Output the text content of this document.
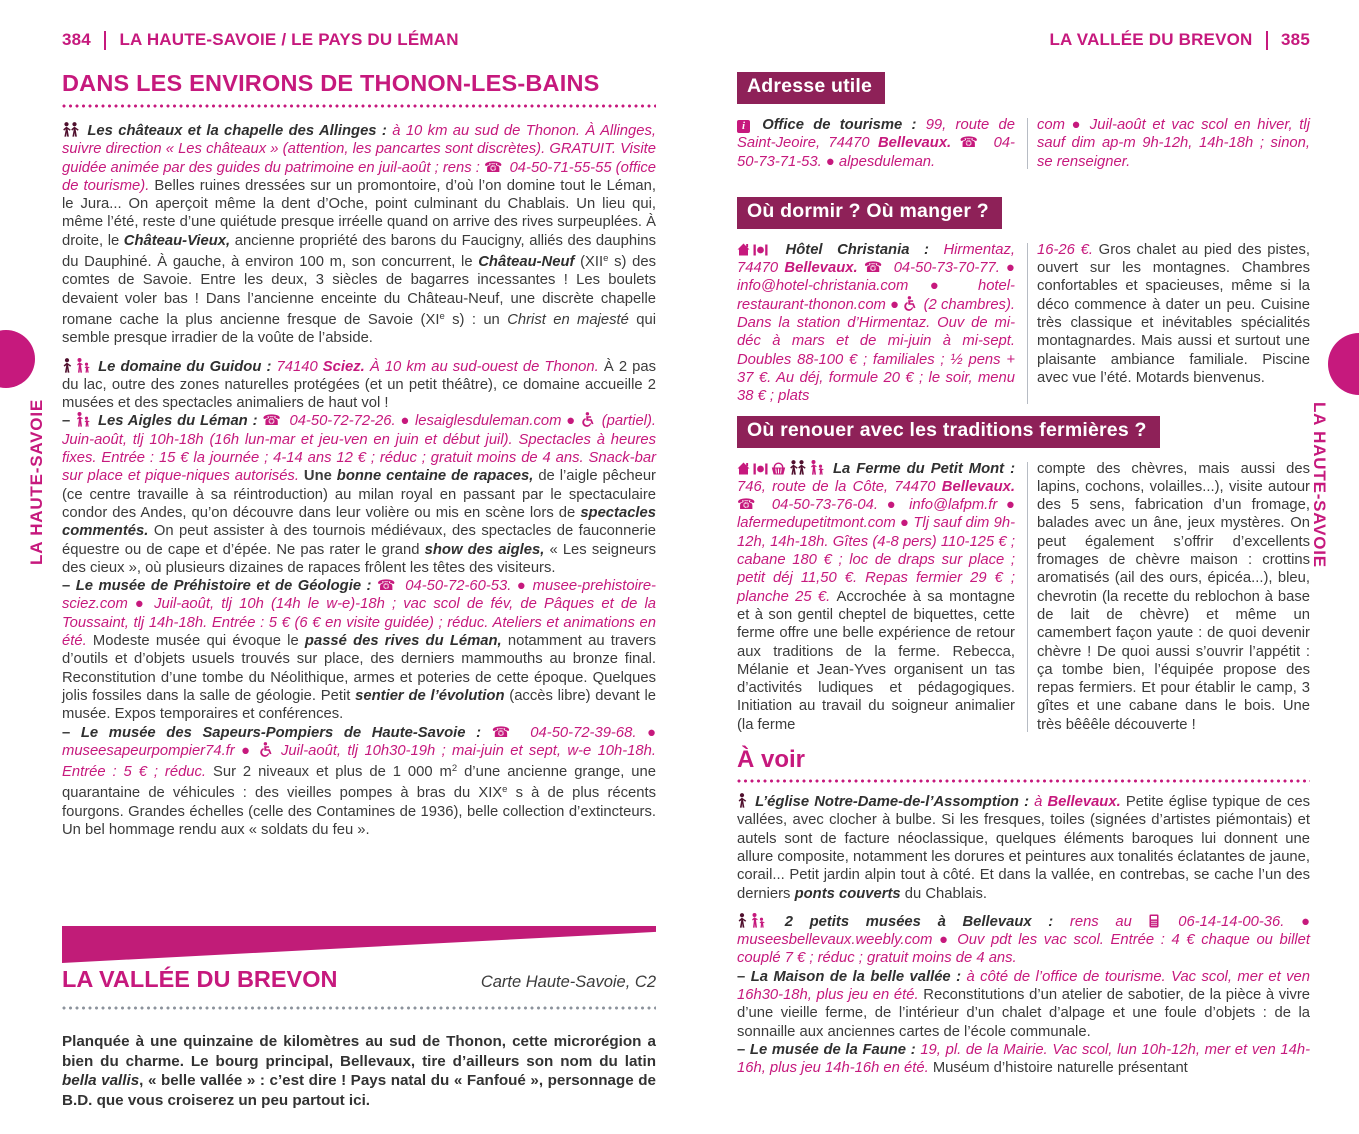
LA HAUTE-SAVOIE	LA HAUTE-SAVOIE
384 LA HAUTE-SAVOIE / LE PAYS DU LÉMAN
DANS LES ENVIRONS DE THONON-LES-BAINS

Les châteaux et la chapelle des Allinges : à 10 km au sud de Thonon. À Allinges, suivre direction « Les châteaux » (attention, les pancartes sont discrètes). GRATUIT. Visite guidée animée par des guides du patrimoine en juil-août ; rens : ☎ 04-50-71-55-55 (office de tourisme). Belles ruines dressées sur un promontoire, d’où l’on domine tout le Léman, le Jura... On aperçoit même la dent d’Oche, point culminant du Chablais. Un lieu qui, même l’été, reste d’une quiétude presque irréelle quand on arrive des rives surpeuplées. À droite, le Château-Vieux, ancienne propriété des barons du Faucigny, alliés des dauphins du Dauphiné. À gauche, à environ 100 m, son concurrent, le Château-Neuf (XIIe s) des comtes de Savoie. Entre les deux, 3 siècles de bagarres incessantes ! Les boulets devaient voler bas ! Dans l’ancienne enceinte du Château-Neuf, une discrète chapelle romane cache la plus ancienne fresque de Savoie (XIe s) : un Christ en majesté qui semble presque irradier de la voûte de l’abside.

Le domaine du Guidou : 74140 Sciez. À 10 km au sud-ouest de Thonon. À 2 pas du lac, outre des zones naturelles protégées (et un petit théâtre), ce domaine accueille 2 musées et des spectacles animaliers de haut vol !

–  Les Aigles du Léman : ☎ 04-50-72-72-26. ● lesaiglesduleman.com ●  (partiel). Juin-août, tlj 10h-18h (16h lun-mar et jeu-ven en juin et début juil). Spectacles à heures fixes. Entrée : 15 € la journée ; 4-14 ans 12 € ; réduc ; gratuit moins de 4 ans. Snack-bar sur place et pique-niques autorisés. Une bonne centaine de rapaces, de l’aigle pêcheur (ce centre travaille à sa réintroduction) au milan royal en passant par le spectaculaire condor des Andes, qu’on découvre dans leur volière ou mis en scène lors de spectacles commentés. On peut assister à des tournois médiévaux, des spectacles de fauconnerie équestre ou de cape et d’épée. Ne pas rater le grand show des aigles, « Les seigneurs des cieux », où plusieurs dizaines de rapaces frôlent les têtes des visiteurs.

– Le musée de Préhistoire et de Géologie : ☎ 04-50-72-60-53. ● musee-prehistoire-sciez.com ● Juil-août, tlj 10h (14h le w-e)-18h ; vac scol de fév, de Pâques et de la Toussaint, tlj 14h-18h. Entrée : 5 € (6 € en visite guidée) ; réduc. Ateliers et animations en été. Modeste musée qui évoque le passé des rives du Léman, notamment au travers d’outils et d’objets usuels trouvés sur place, des derniers mammouths au bronze final. Reconstitution d’une tombe du Néolithique, armes et poteries de cette époque. Quelques jolis fossiles dans la salle de géologie. Petit sentier de l’évolution (accès libre) devant le musée. Expos temporaires et conférences.

– Le musée des Sapeurs-Pompiers de Haute-Savoie : ☎ 04-50-72-39-68. ● museesapeurpompier74.fr ●  Juil-août, tlj 10h30-19h ; mai-juin et sept, w-e 10h-18h. Entrée : 5 € ; réduc. Sur 2 niveaux et plus de 1 000 $m^2$ d’une ancienne grange, une quarantaine de véhicules : des vieilles pompes à bras du XIXe s à de plus récents fourgons. Grandes échelles (celle des Contamines de 1936), belle collection d’extincteurs. Un bel hommage rendu aux « soldats du feu ».

LA VALLÉE DU BREVON	Carte Haute-Savoie, C2

Planquée à une quinzaine de kilomètres au sud de Thonon, cette microrégion a bien du charme. Le bourg principal, Bellevaux, tire d’ailleurs son nom du latin bella vallis, « belle vallée » : c’est dire ! Pays natal du « Fanfoué », personnage de B.D. que vous croiserez un peu partout ici.

LA VALLÉE DU BREVON 385
Adresse utile

i Office de tourisme : 99, route de Saint-Jeoire, 74470 Bellevaux. ☎ 04-50-73-71-53. ● alpesduleman.

com ● Juil-août et vac scol en hiver, tlj sauf dim ap-m 9h-12h, 14h-18h ; sinon, se renseigner.

Où dormir ? Où manger ?

Hôtel Christania : Hirmentaz, 74470 Bellevaux. ☎ 04-50-73-70-77. ● info@hotel-christania.com ● hotel-restaurant-thonon.com ●  (2 chambres). Dans la station d’Hirmentaz. Ouv de mi-déc à mars et de mi-juin à mi-sept. Doubles 88-100 € ; familiales ; ½ pens + 37 €. Au déj, formule 20 € ; le soir, menu 38 € ; plats

16-26 €. Gros chalet au pied des pistes, ouvert sur les montagnes. Chambres confortables et spacieuses, même si la déco commence à dater un peu. Cuisine très classique et inévitables spécialités montagnardes. Mais aussi et surtout une plaisante ambiance familiale. Piscine avec vue l’été. Motards bienvenus.

Où renouer avec les traditions fermières ?

La Ferme du Petit Mont : 746, route de la Côte, 74470 Bellevaux. ☎ 04-50-73-76-04. ● info@lafpm.fr ● lafermedupetitmont.com ● Tlj sauf dim 9h-12h, 14h-18h. Gîtes (4-8 pers) 110-125 € ; cabane 180 € ; loc de draps sur place ; petit déj 11,50 €. Repas fermier 29 € ; planche 25 €. Accrochée à sa montagne et à son gentil cheptel de biquettes, cette ferme offre une belle expérience de retour aux traditions de la ferme. Rebecca, Mélanie et Jean-Yves organisent un tas d’activités ludiques et pédagogiques. Initiation au travail du soigneur animalier (la ferme

compte des chèvres, mais aussi des lapins, cochons, volailles...), visite autour des 5 sens, fabrication d’un fromage, balades avec un âne, jeux mystères. On peut également s’offrir d’excellents fromages de chèvre maison : crottins aromatisés (ail des ours, épicéa...), bleu, chevrotin (la recette du reblochon à base de lait de chèvre) et même un camembert façon yaute : de quoi devenir chèvre ! De quoi aussi s’ouvrir l’appétit : ça tombe bien, l’équipée propose des repas fermiers. Et pour établir le camp, 3 gîtes et une cabane dans le bois. Une très bêêêle découverte !

À voir

L’église Notre-Dame-de-l’Assomption : à Bellevaux. Petite église typique de ces vallées, avec clocher à bulbe. Si les fresques, toiles (signées d’artistes piémontais) et autels sont de facture néoclassique, quelques éléments baroques lui donnent une allure composite, notamment les dorures et peintures aux tonalités éclatantes de jaune, corail... Petit jardin alpin tout à côté. Et dans la vallée, en contrebas, se cache l’un des derniers ponts couverts du Chablais.

2 petits musées à Bellevaux : rens au  06-14-14-00-36. ● museesbellevaux.weebly.com ● Ouv pdt les vac scol. Entrée : 4 € chaque ou billet couplé 7 € ; réduc ; gratuit moins de 4 ans.

– La Maison de la belle vallée : à côté de l’office de tourisme. Vac scol, mer et ven 16h30-18h, plus jeu en été. Reconstitutions d’un atelier de sabotier, de la pièce à vivre d’une vieille ferme, de l’intérieur d’un chalet d’alpage et une foule d’objets : de la sonnaille aux anciennes cartes de l’école communale.

– Le musée de la Faune : 19, pl. de la Mairie. Vac scol, lun 10h-12h, mer et ven 14h-16h, plus jeu 14h-16h en été. Muséum d’histoire naturelle présentant
